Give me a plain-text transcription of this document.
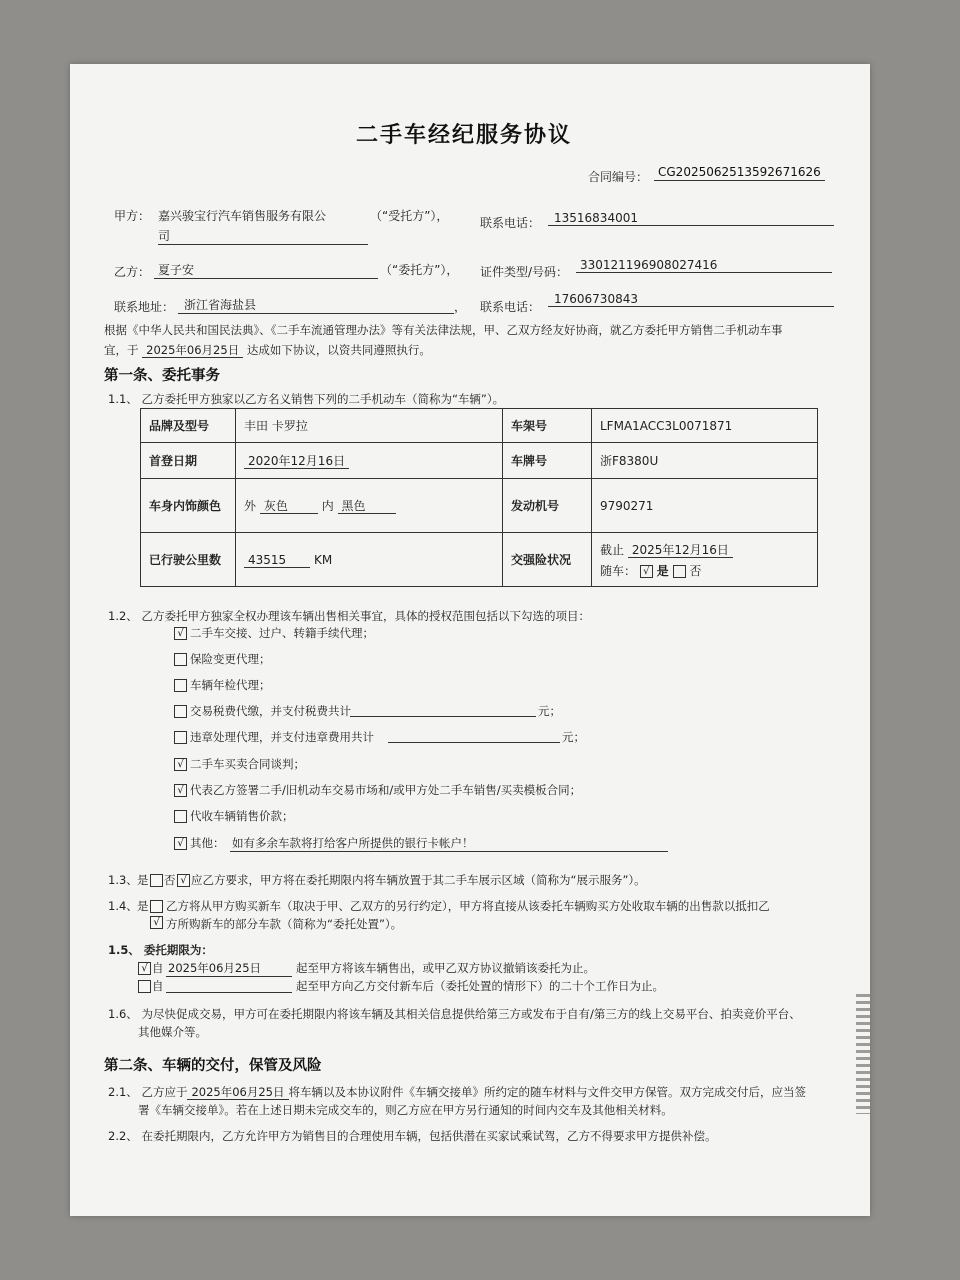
二手车经纪服务协议
合同编号： CG20250625135926716​26
甲方： 嘉兴骏宝行汽车销售服务有限公
司
（“受托方”），	联系电话：	13516834001
乙方： 夏子安	（“委托方”）， 证件类型/号码： 330121196908027416
联系地址： 浙江省海盐县	， 联系电话：
17606730843
根据《中华人民共和国民法典》、《二手车流通管理办法》等有关法律法规，甲、乙双方经友好协商，就乙方委托甲方销售二手机动车事
宜，于 2025年06月25日 达成如下协议，以资共同遵照执行。
第一条、委托事务
1.1、 乙方委托甲方独家以乙方名义销售下列的二手机动车（简称为“车辆”）。
品牌及型号	丰田 卡罗拉	车架号	LFMA1ACC3L0071871
首登日期	2020年12月16日	车牌号	浙F8380U
车身内饰颜色	外 灰色 内 黑色	发动机号	9790271
已行驶公里数	43515 KM	交强险状况	截止 2025年12月16日
随车： √ 是 否
1.2、 乙方委托甲方独家全权办理该车辆出售相关事宜，具体的授权范围包括以下勾选的项目：
√ 二手车交接、过户、转籍手续代理；
保险变更代理；
车辆年检代理；
交易税费代缴，并支付税费共计	元；
违章处理代理，并支付违章费用共计	元；
√ 二手车买卖合同谈判；
√ 代表乙方签署二手/旧机动车交易市场和/或甲方处二手车销售/买卖模板合同；
代收车辆销售价款；
√ 其他： 如有多余车款将打给客户所提供的银行卡帐户！
1.3、 是 否 √ 应乙方要求，甲方将在委托期限内将车辆放置于其二手车展示区域（简称为“展示服务”）。
1.4、 是
√
乙方将从甲方购买新车（取决于甲、乙双方的另行约定），甲方将直接从该委托车辆购买方处收取车辆的出售款以抵扣乙
方所购新车的部分车款（简称为“委托处置”）。
1.5、 委托期限为：
√ 自 2025年06月25日	起至甲方将该车辆售出，或甲乙双方协议撤销该委托为止。
自	起至甲方向乙方交付新车后（委托处置的情形下）的二十个工作日为止。
1.6、 为尽快促成交易，甲方可在委托期限内将该车辆及其相关信息提供给第三方或发布于自有/第三方的线上交易平台、拍卖竞价平台、
其他媒介等。
第二条、车辆的交付，保管及风险
2.1、 乙方应于 2025年06月25日 将车辆以及本协议附件《车辆交接单》所约定的随车材料与文件交甲方保管。双方完成交付后，应当签
署《车辆交接单》。若在上述日期未完成交车的，则乙方应在甲方另行通知的时间内交车及其他相关材料。
2.2、 在委托期限内，乙方允许甲方为销售目的合理使用车辆，包括供潜在买家试乘试驾，乙方不得要求甲方提供补偿。
